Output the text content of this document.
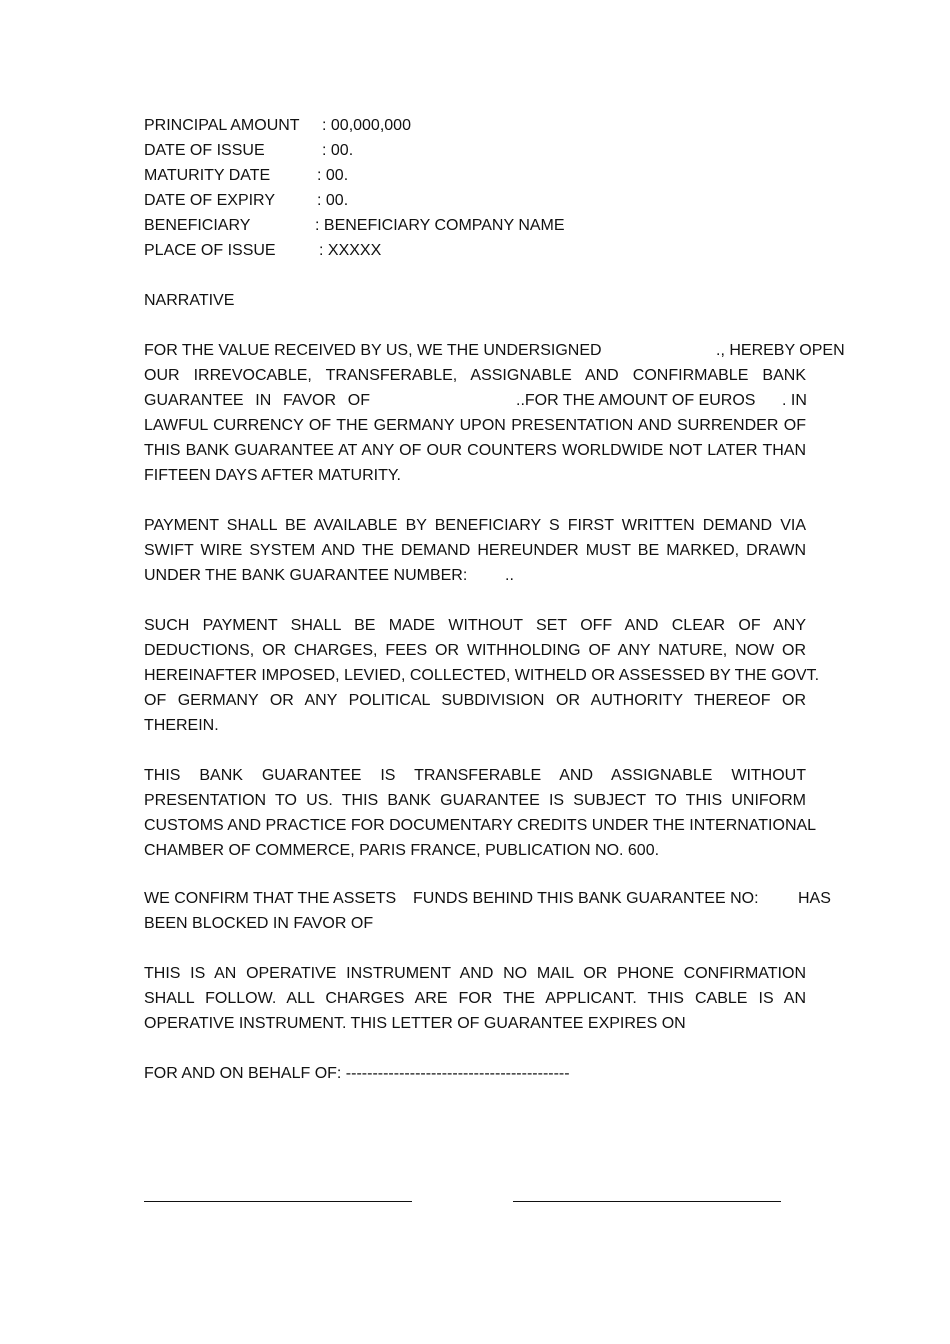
PRINCIPAL AMOUNT : 00,000,000
DATE OF ISSUE	: 00.
MATURITY DATE	: 00.
DATE OF EXPIRY	: 00.
BENEFICIARY	: BENEFICIARY COMPANY NAME
PLACE OF ISSUE	: XXXXX
NARRATIVE
FOR THE VALUE RECEIVED BY US, WE THE UNDERSIGNED	., HEREBY OPEN
OUR IRREVOCABLE, TRANSFERABLE, ASSIGNABLE AND CONFIRMABLE BANK
GUARANTEE IN FAVOR OF	..FOR THE AMOUNT OF EUROS . IN
LAWFUL CURRENCY OF THE GERMANY UPON PRESENTATION AND SURRENDER OF
THIS BANK GUARANTEE AT ANY OF OUR COUNTERS WORLDWIDE NOT LATER THAN
FIFTEEN DAYS AFTER MATURITY.
PAYMENT SHALL BE AVAILABLE BY BENEFICIARY S FIRST WRITTEN DEMAND VIA
SWIFT WIRE SYSTEM AND THE DEMAND HEREUNDER MUST BE MARKED, DRAWN
UNDER THE BANK GUARANTEE NUMBER: ..
SUCH PAYMENT SHALL BE MADE WITHOUT SET OFF AND CLEAR OF ANY
DEDUCTIONS, OR CHARGES, FEES OR WITHHOLDING OF ANY NATURE, NOW OR
HEREINAFTER IMPOSED, LEVIED, COLLECTED, WITHELD OR ASSESSED BY THE GOVT.
OF GERMANY OR ANY POLITICAL SUBDIVISION OR AUTHORITY THEREOF OR
THEREIN.
THIS BANK GUARANTEE IS TRANSFERABLE AND ASSIGNABLE WITHOUT
PRESENTATION TO US. THIS BANK GUARANTEE IS SUBJECT TO THIS UNIFORM
CUSTOMS AND PRACTICE FOR DOCUMENTARY CREDITS UNDER THE INTERNATIONAL
CHAMBER OF COMMERCE, PARIS FRANCE, PUBLICATION NO. 600.
WE CONFIRM THAT THE ASSETS FUNDS BEHIND THIS BANK GUARANTEE NO: HAS
BEEN BLOCKED IN FAVOR OF
THIS IS AN OPERATIVE INSTRUMENT AND NO MAIL OR PHONE CONFIRMATION
SHALL FOLLOW. ALL CHARGES ARE FOR THE APPLICANT. THIS CABLE IS AN
OPERATIVE INSTRUMENT. THIS LETTER OF GUARANTEE EXPIRES ON
FOR AND ON BEHALF OF: ------------------------------------------
